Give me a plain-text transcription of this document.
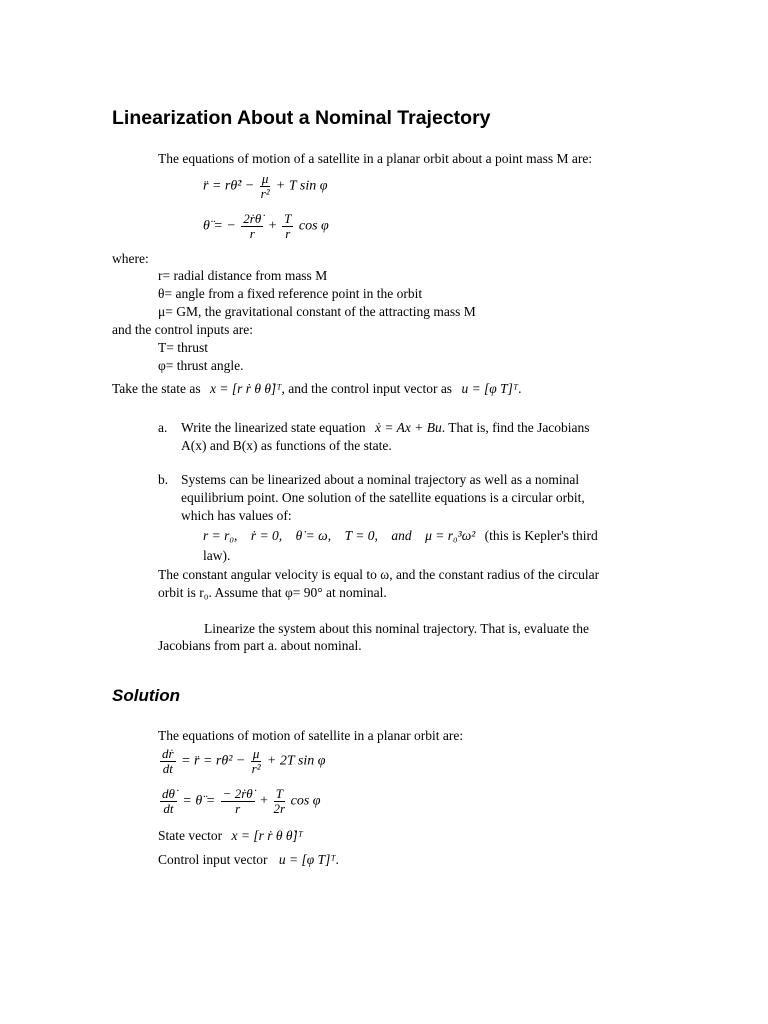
Linearization About a Nominal Trajectory
The equations of motion of a satellite in a planar orbit about a point mass M are:
r̈ = rθ̇² − $\frac{\mu}{\text{r²}} + T$ sin φ
θ̈ = − $\frac{\text{2ṙθ̇}}{r} + \frac{T}{r}$ cos φ
where:
r= radial distance from mass M
θ= angle from a fixed reference point in the orbit
μ= GM, the gravitational constant of the attracting mass M
and the control inputs are:
T= thrust
φ= thrust angle.
Take the state as x = [r ṙ θ θ̇]ᵀ, and the control input vector as u = [φ T]ᵀ.
a. Write the linearized state equation ẋ = Ax + Bu. That is, find the Jacobians
A(x) and B(x) as functions of the state.
b. Systems can be linearized about a nominal trajectory as well as a nominal
equilibrium point. One solution of the satellite equations is a circular orbit,
which has values of:
r = r₀,    ṙ = 0,    θ̇ = ω,    T = 0,    and    μ = r₀³ω² (this is Kepler's third
law).
The constant angular velocity is equal to ω, and the constant radius of the circular
orbit is r₀. Assume that φ= 90° at nominal.
Linearize the system about this nominal trajectory. That is, evaluate the
Jacobians from part a. about nominal.
Solution
The equations of motion of satellite in a planar orbit are:
$\frac{\text{dṙ}}{dt}$ = r̈ = $r\theta^2 - \frac{\mu}{\text{r²}} + 2T$ sin φ
$\frac{d\thetȧ}{dt}$ = θ̈ = $\frac{\text{− 2ṙθ̇}}{r} + \frac{T}{2r}$ cos φ
State vector x = [r ṙ θ θ̇]ᵀ
Control input vector u = [φ T]ᵀ.
